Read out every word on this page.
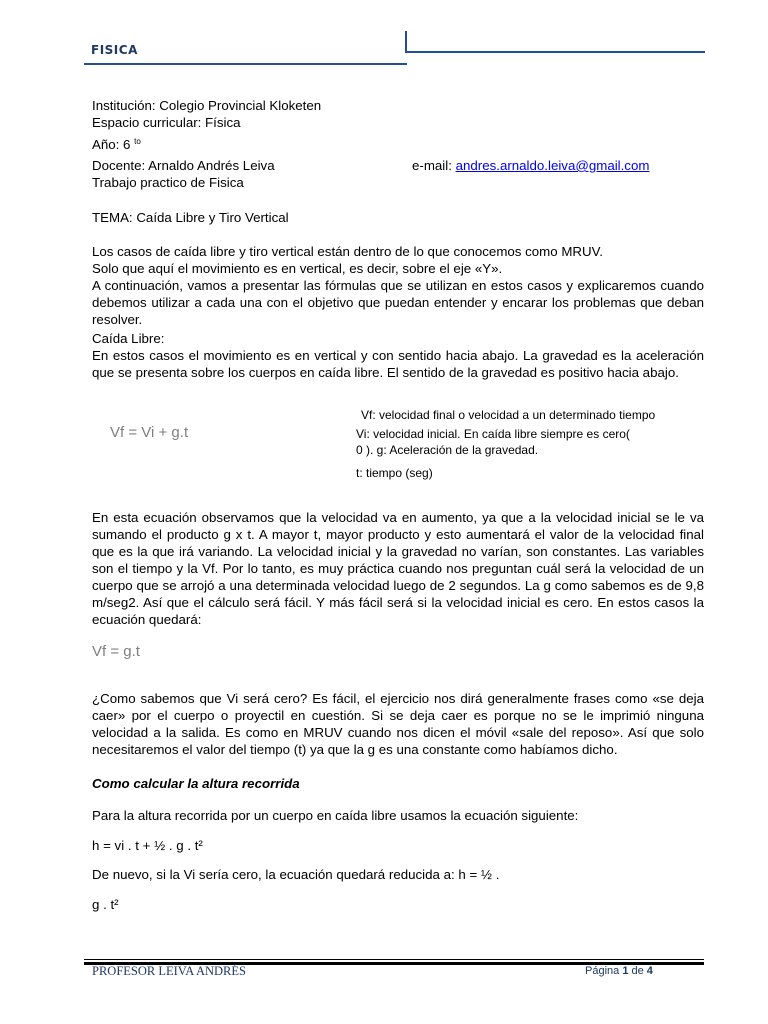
FISICA
Institución: Colegio Provincial Kloketen
Espacio curricular: Física
Año: 6 $^{to}$
Docente: Arnaldo Andrés Leiva	e-mail: andres.arnaldo.leiva@gmail.com
Trabajo practico de Fisica
TEMA: Caída Libre y Tiro Vertical

Los casos de caída libre y tiro vertical están dentro de lo que conocemos como MRUV.

Solo que aquí el movimiento es en vertical, es decir, sobre el eje «Y».

A continuación, vamos a presentar las fórmulas que se utilizan en estos casos y explicaremos cuando debemos utilizar a cada una con el objetivo que puedan entender y encarar los problemas que deban resolver.

Caída Libre:

En estos casos el movimiento es en vertical y con sentido hacia abajo. La gravedad es la aceleración que se presenta sobre los cuerpos en caída libre. El sentido de la gravedad es positivo hacia abajo.

Vf = Vi + g.t
Vf: velocidad final o velocidad a un determinado tiempo
Vi: velocidad inicial. En caída libre siempre es cero(
0 ). g: Aceleración de la gravedad.
t: tiempo (seg)

En esta ecuación observamos que la velocidad va en aumento, ya que a la velocidad inicial se le va sumando el producto g x t. A mayor t, mayor producto y esto aumentará el valor de la velocidad final que es la que irá variando. La velocidad inicial y la gravedad no varían, son constantes. Las variables son el tiempo y la Vf. Por lo tanto, es muy práctica cuando nos preguntan cuál será la velocidad de un cuerpo que se arrojó a una determinada velocidad luego de 2 segundos. La g como sabemos es de 9,8 m/seg2. Así que el cálculo será fácil. Y más fácil será si la velocidad inicial es cero. En estos casos la ecuación quedará:

Vf = g.t

¿Como sabemos que Vi será cero? Es fácil, el ejercicio nos dirá generalmente frases como «se deja caer» por el cuerpo o proyectil en cuestión. Si se deja caer es porque no se le imprimió ninguna velocidad a la salida. Es como en MRUV cuando nos dicen el móvil «sale del reposo». Así que solo necesitaremos el valor del tiempo (t) ya que la g es una constante como habíamos dicho.

Como calcular la altura recorrida

Para la altura recorrida por un cuerpo en caída libre usamos la ecuación siguiente:

h = vi . t + ½ . g . t²

De nuevo, si la Vi sería cero, la ecuación quedará reducida a: h = ½ .

g . t²

PROFESOR LEIVA ANDRÉS	Página 1 de 4
